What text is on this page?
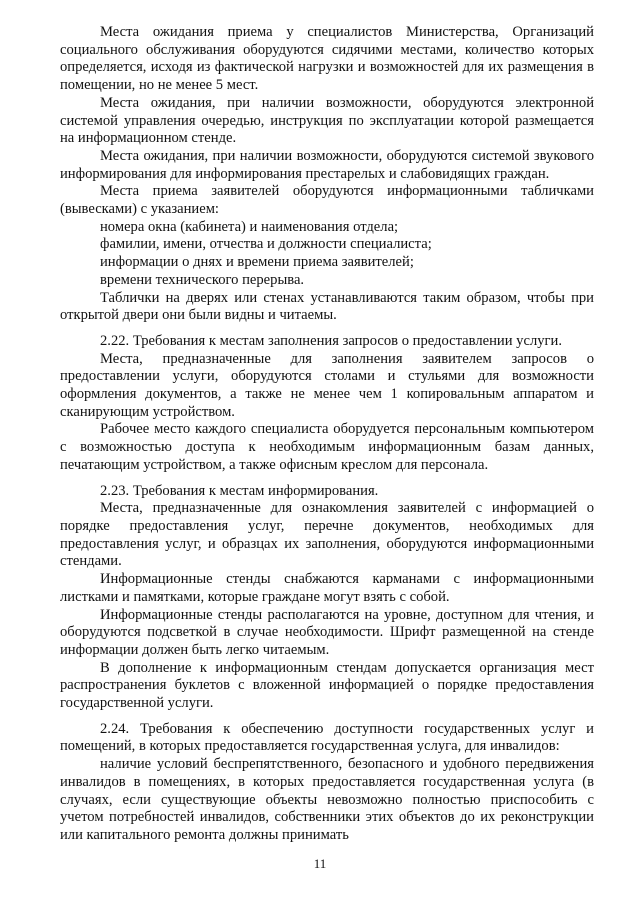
Места ожидания приема у специалистов Министерства, Организаций социального обслуживания оборудуются сидячими местами, количество которых определяется, исходя из фактической нагрузки и возможностей для их размещения в помещении, но не менее 5 мест.

Места ожидания, при наличии возможности, оборудуются электронной системой управления очередью, инструкция по эксплуатации которой размещается на информационном стенде.

Места ожидания, при наличии возможности, оборудуются системой звукового информирования для информирования престарелых и слабовидящих граждан.

Места приема заявителей оборудуются информационными табличками (вывесками) с указанием:

номера окна (кабинета) и наименования отдела;

фамилии, имени, отчества и должности специалиста;

информации о днях и времени приема заявителей;

времени технического перерыва.

Таблички на дверях или стенах устанавливаются таким образом, чтобы при открытой двери они были видны и читаемы.

2.22. Требования к местам заполнения запросов о предоставлении услуги.

Места, предназначенные для заполнения заявителем запросов о предоставлении услуги, оборудуются столами и стульями для возможности оформления документов, а также не менее чем 1 копировальным аппаратом и сканирующим устройством.

Рабочее место каждого специалиста оборудуется персональным компьютером с возможностью доступа к необходимым информационным базам данных, печатающим устройством, а также офисным креслом для персонала.

2.23. Требования к местам информирования.

Места, предназначенные для ознакомления заявителей с информацией о порядке предоставления услуг, перечне документов, необходимых для предоставления услуг, и образцах их заполнения, оборудуются информационными стендами.

Информационные стенды снабжаются карманами с информационными листками и памятками, которые граждане могут взять с собой.

Информационные стенды располагаются на уровне, доступном для чтения, и оборудуются подсветкой в случае необходимости. Шрифт размещенной на стенде информации должен быть легко читаемым.

В дополнение к информационным стендам допускается организация мест распространения буклетов с вложенной информацией о порядке предоставления государственной услуги.

2.24. Требования к обеспечению доступности государственных услуг и помещений, в которых предоставляется государственная услуга, для инвалидов:

наличие условий беспрепятственного, безопасного и удобного передвижения инвалидов в помещениях, в которых предоставляется государственная услуга (в случаях, если существующие объекты невозможно полностью приспособить с учетом потребностей инвалидов, собственники этих объектов до их реконструкции или капитального ремонта должны принимать

11
